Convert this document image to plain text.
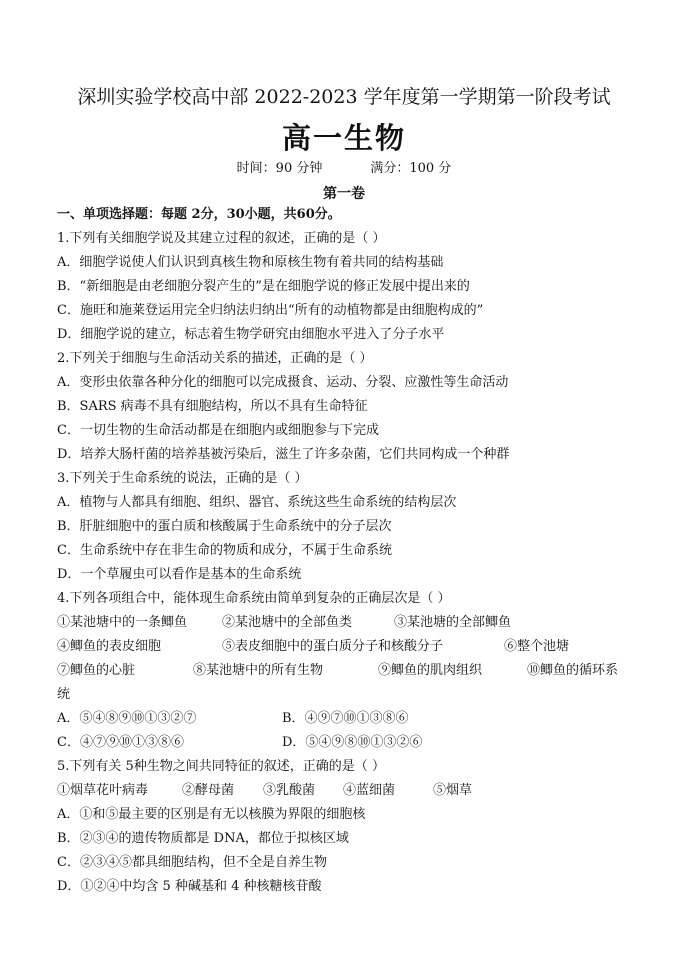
深圳实验学校高中部 2022-2023 学年度第一学期第一阶段考试
高一生物
时间：90 分钟	满分：100 分
第一卷
一、单项选择题：每题 2分，30小题，共60分。
1.下列有关细胞学说及其建立过程的叙述，正确的是（ ）
A．细胞学说使人们认识到真核生物和原核生物有着共同的结构基础
B．“新细胞是由老细胞分裂产生的”是在细胞学说的修正发展中提出来的
C．施旺和施莱登运用完全归纳法归纳出“所有的动植物都是由细胞构成的”
D．细胞学说的建立，标志着生物学研究由细胞水平进入了分子水平
2.下列关于细胞与生命活动关系的描述，正确的是（ ）
A．变形虫依靠各种分化的细胞可以完成摄食、运动、分裂、应激性等生命活动
B．SARS 病毒不具有细胞结构，所以不具有生命特征
C．一切生物的生命活动都是在细胞内或细胞参与下完成
D．培养大肠杆菌的培养基被污染后，滋生了许多杂菌，它们共同构成一个种群
3.下列关于生命系统的说法，正确的是（ ）
A．植物与人都具有细胞、组织、器官、系统这些生命系统的结构层次
B．肝脏细胞中的蛋白质和核酸属于生命系统中的分子层次
C．生命系统中存在非生命的物质和成分，不属于生命系统
D．一个草履虫可以看作是基本的生命系统
4.下列各项组合中，能体现生命系统由简单到复杂的正确层次是（ ）
①某池塘中的一条鲫鱼	②某池塘中的全部鱼类	③某池塘的全部鲫鱼
④鲫鱼的表皮细胞	⑤表皮细胞中的蛋白质分子和核酸分子	⑥整个池塘
⑦鲫鱼的心脏	⑧某池塘中的所有生物	⑨鲫鱼的肌肉组织	⑩鲫鱼的循环系
统
A．⑤④⑧⑨⑩①③②⑦	B．④⑨⑦⑩①③⑧⑥
C．④⑦⑨⑩①③⑧⑥	D．⑤④⑨⑧⑩①③②⑥
5.下列有关 5种生物之间共同特征的叙述，正确的是（ ）
①烟草花叶病毒	②酵母菌 ③乳酸菌 ④蓝细菌	⑤烟草
A．①和⑤最主要的区别是有无以核膜为界限的细胞核
B．②③④的遗传物质都是 DNA，都位于拟核区域
C．②③④⑤都具细胞结构，但不全是自养生物
D．①②④中均含 5 种碱基和 4 种核糖核苷酸
